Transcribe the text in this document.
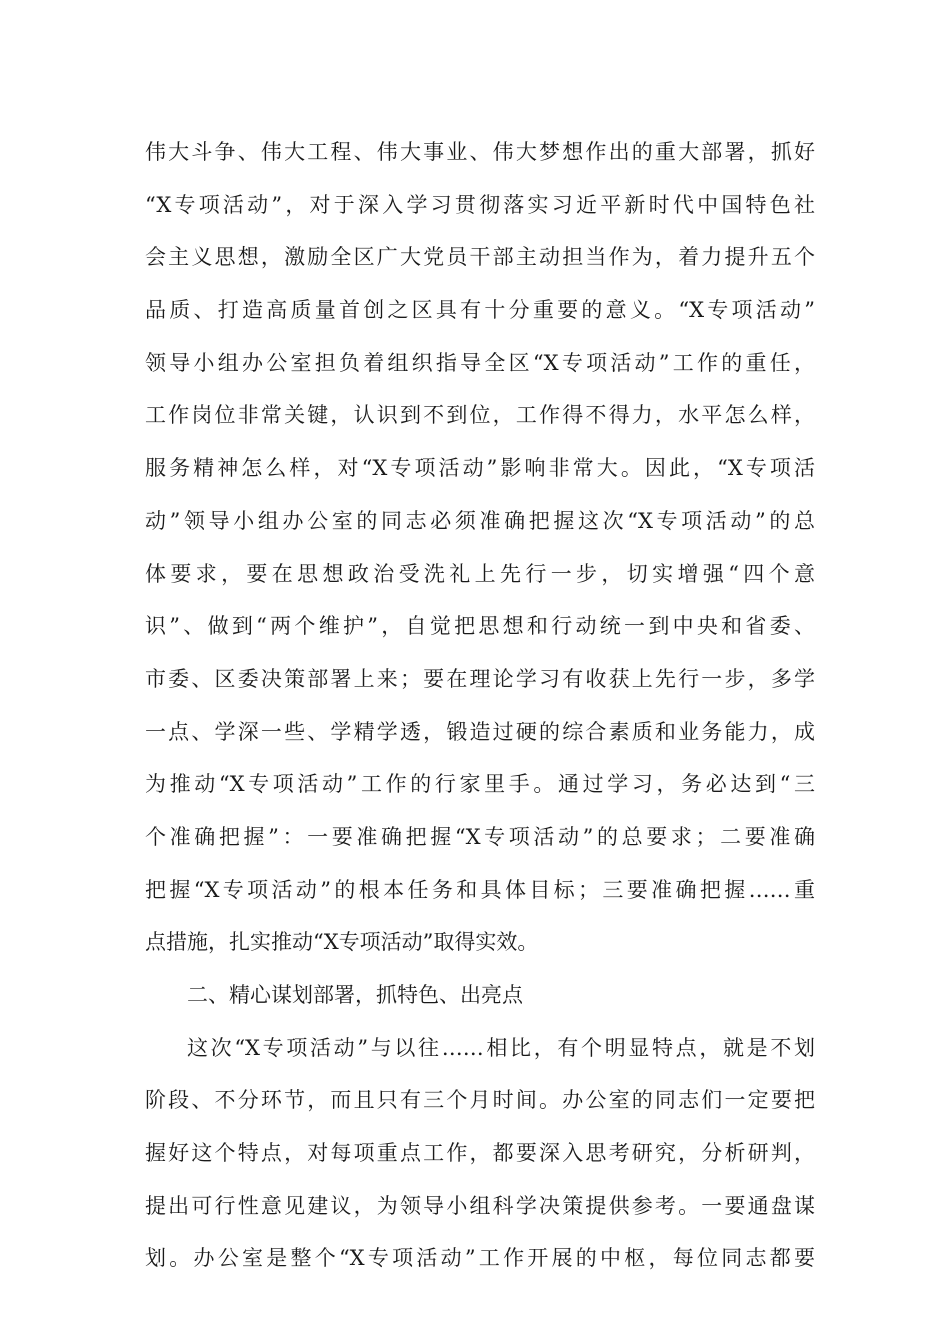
伟大斗争、伟大工程、伟大事业、伟大梦想作出的重大部署，抓好
“X专项活动”，对于深入学习贯彻落实习近平新时代中国特色社
会主义思想，激励全区广大党员干部主动担当作为，着力提升五个
品质、打造高质量首创之区具有十分重要的意义。“X专项活动”
领导小组办公室担负着组织指导全区“X专项活动”工作的重任，
工作岗位非常关键，认识到不到位，工作得不得力，水平怎么样，
服务精神怎么样，对“X专项活动”影响非常大。因此，“X专项活
动”领导小组办公室的同志必须准确把握这次“X专项活动”的总
体要求，要在思想政治受洗礼上先行一步，切实增强“四个意
识”、做到“两个维护”，自觉把思想和行动统一到中央和省委、
市委、区委决策部署上来；要在理论学习有收获上先行一步，多学
一点、学深一些、学精学透，锻造过硬的综合素质和业务能力，成
为推动“X专项活动”工作的行家里手。通过学习，务必达到“三
个准确把握”：一要准确把握“X专项活动”的总要求；二要准确
把握“X专项活动”的根本任务和具体目标；三要准确把握……重
点措施，扎实推动“X专项活动”取得实效。
二、精心谋划部署，抓特色、出亮点
这次“X专项活动”与以往……相比，有个明显特点，就是不划
阶段、不分环节，而且只有三个月时间。办公室的同志们一定要把
握好这个特点，对每项重点工作，都要深入思考研究，分析研判，
提出可行性意见建议，为领导小组科学决策提供参考。一要通盘谋
划。办公室是整个“X专项活动”工作开展的中枢，每位同志都要
